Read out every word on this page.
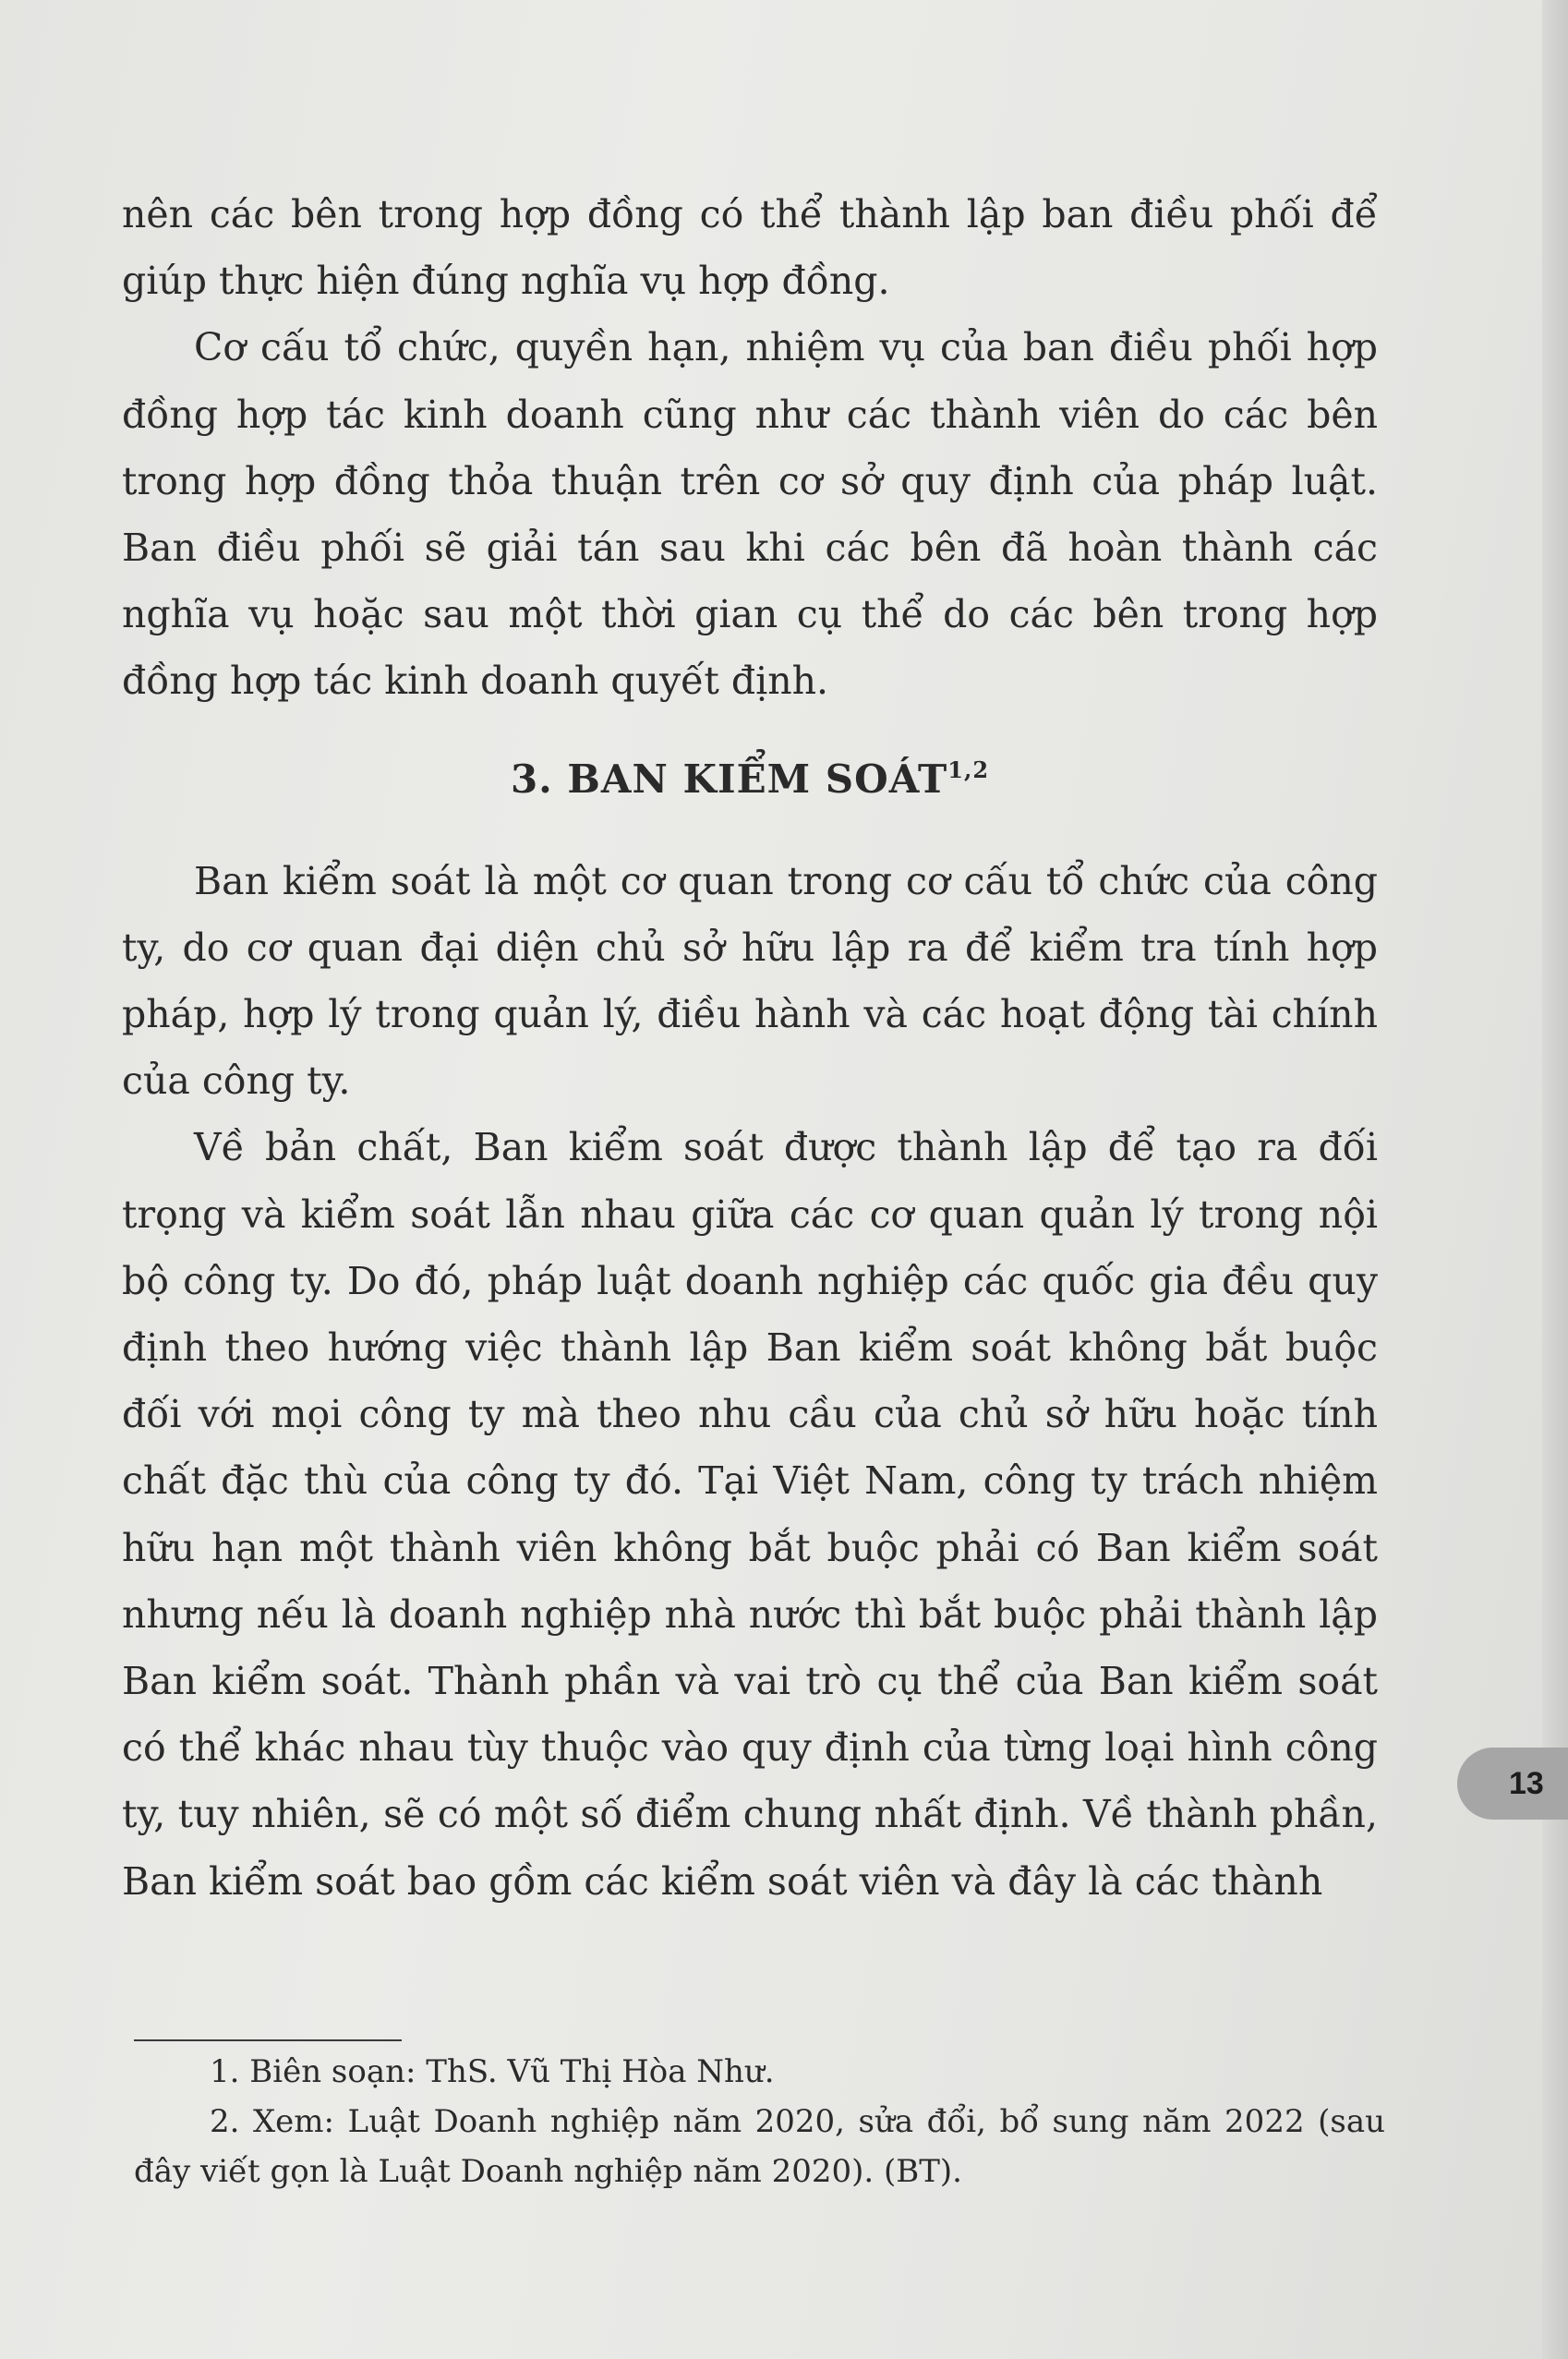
nên các bên trong hợp đồng có thể thành lập ban điều phối để giúp thực hiện đúng nghĩa vụ hợp đồng.

Cơ cấu tổ chức, quyền hạn, nhiệm vụ của ban điều phối hợp đồng hợp tác kinh doanh cũng như các thành viên do các bên trong hợp đồng thỏa thuận trên cơ sở quy định của pháp luật. Ban điều phối sẽ giải tán sau khi các bên đã hoàn thành các nghĩa vụ hoặc sau một thời gian cụ thể do các bên trong hợp đồng hợp tác kinh doanh quyết định.

3. BAN KIỂM SOÁT$^{1,2}$

Ban kiểm soát là một cơ quan trong cơ cấu tổ chức của công ty, do cơ quan đại diện chủ sở hữu lập ra để kiểm tra tính hợp pháp, hợp lý trong quản lý, điều hành và các hoạt động tài chính của công ty.

Về bản chất, Ban kiểm soát được thành lập để tạo ra đối trọng và kiểm soát lẫn nhau giữa các cơ quan quản lý trong nội bộ công ty. Do đó, pháp luật doanh nghiệp các quốc gia đều quy định theo hướng việc thành lập Ban kiểm soát không bắt buộc đối với mọi công ty mà theo nhu cầu của chủ sở hữu hoặc tính chất đặc thù của công ty đó. Tại Việt Nam, công ty trách nhiệm hữu hạn một thành viên không bắt buộc phải có Ban kiểm soát nhưng nếu là doanh nghiệp nhà nước thì bắt buộc phải thành lập Ban kiểm soát. Thành phần và vai trò cụ thể của Ban kiểm soát có thể khác nhau tùy thuộc vào quy định của từng loại hình công ty, tuy nhiên, sẽ có một số điểm chung nhất định. Về thành phần, Ban kiểm soát bao gồm các kiểm soát viên và đây là các thành

1. Biên soạn: ThS. Vũ Thị Hòa Như.

2. Xem: Luật Doanh nghiệp năm 2020, sửa đổi, bổ sung năm 2022 (sau đây viết gọn là Luật Doanh nghiệp năm 2020). (BT).

13
